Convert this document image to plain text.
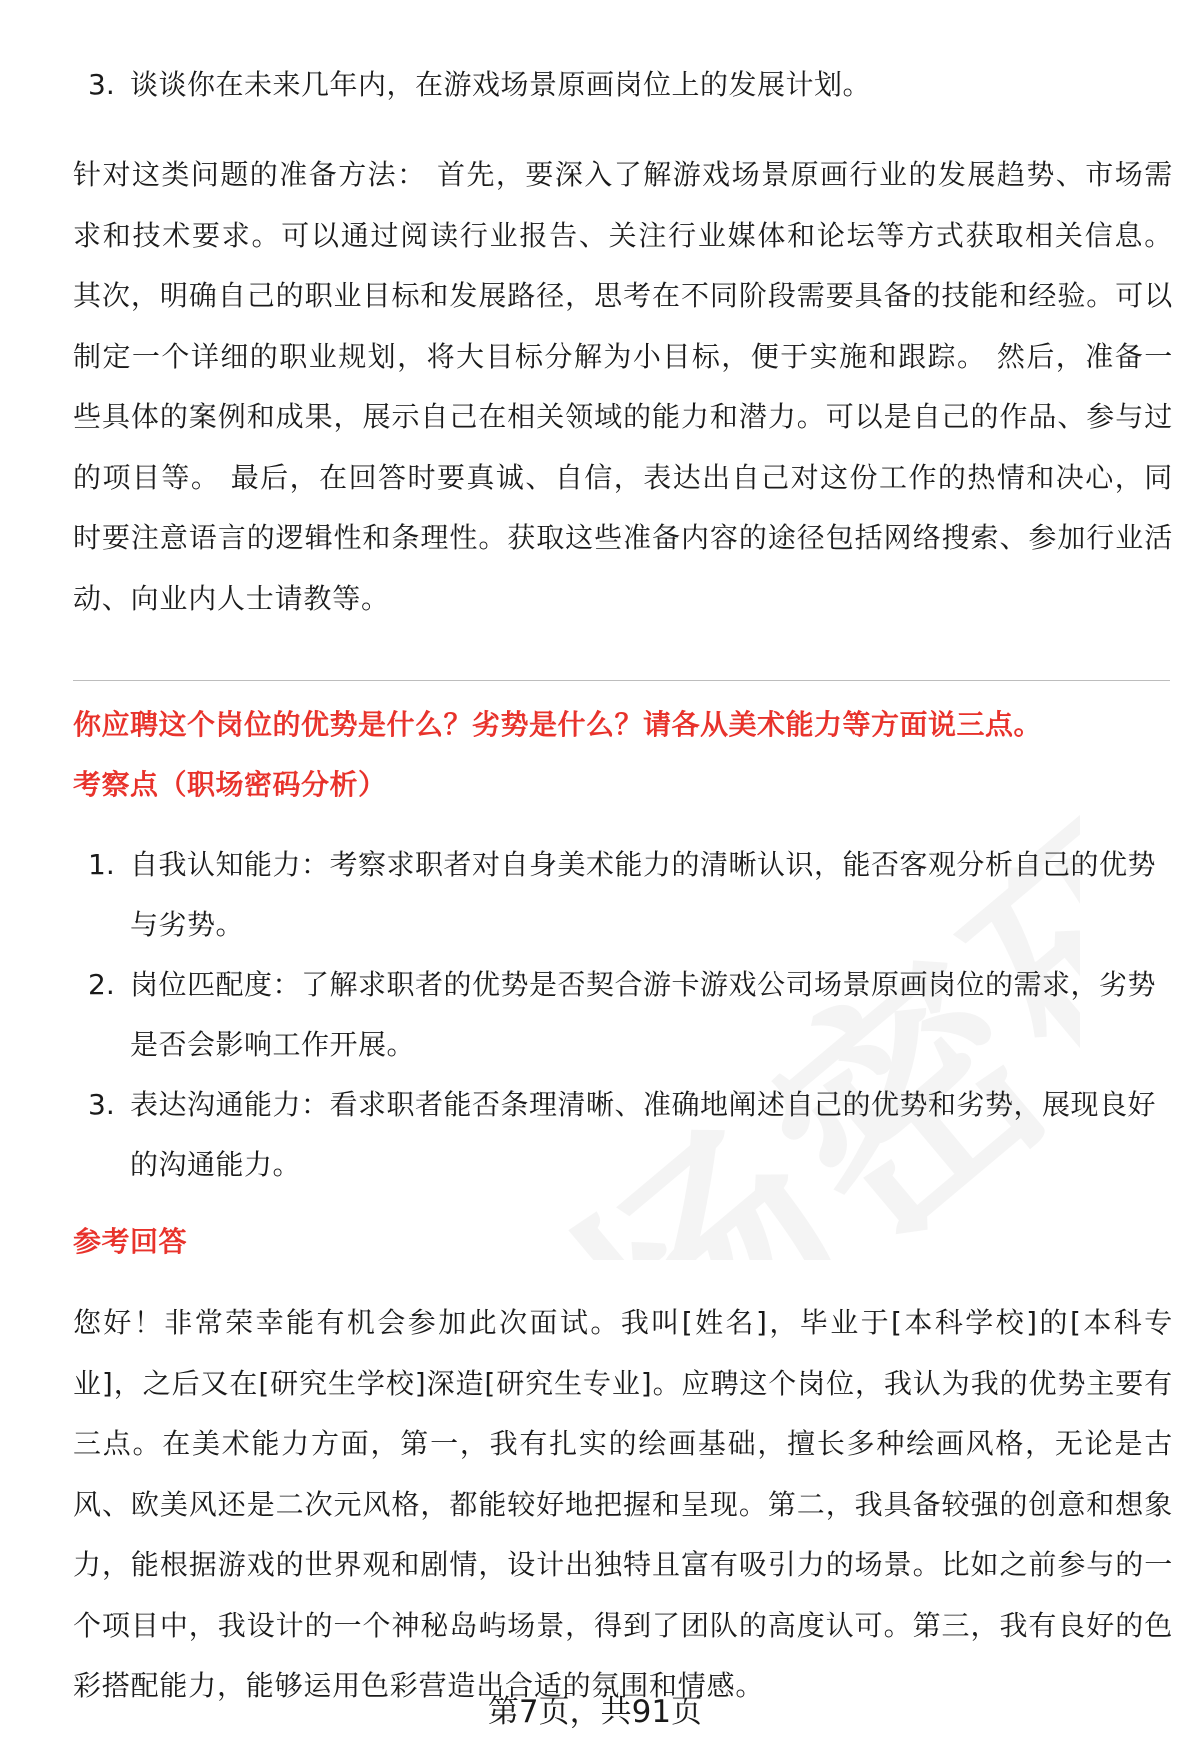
3. 谈谈你在未来几年内，在游戏场景原画岗位上的发展计划。
针对这类问题的准备方法： 首先，要深入了解游戏场景原画行业的发展趋势、市场需求和技术要求。可以通过阅读行业报告、关注行业媒体和论坛等方式获取相关信息。 其次，明确自己的职业目标和发展路径，思考在不同阶段需要具备的技能和经验。可以制定一个详细的职业规划，将大目标分解为小目标，便于实施和跟踪。 然后，准备一些具体的案例和成果，展示自己在相关领域的能力和潜力。可以是自己的作品、参与过的项目等。 最后，在回答时要真诚、自信，表达出自己对这份工作的热情和决心，同时要注意语言的逻辑性和条理性。获取这些准备内容的途径包括网络搜索、参加行业活动、向业内人士请教等。
你应聘这个岗位的优势是什么？劣势是什么？请各从美术能力等方面说三点。
考察点（职场密码分析）
1. 自我认知能力：考察求职者对自身美术能力的清晰认识，能否客观分析自己的优势与劣势。
2. 岗位匹配度：了解求职者的优势是否契合游卡游戏公司场景原画岗位的需求，劣势是否会影响工作开展。
3. 表达沟通能力：看求职者能否条理清晰、准确地阐述自己的优势和劣势，展现良好的沟通能力。
参考回答
您好！非常荣幸能有机会参加此次面试。我叫[姓名]，毕业于[本科学校]的[本科专业]，之后又在[研究生学校]深造[研究生专业]。应聘这个岗位，我认为我的优势主要有三点。在美术能力方面，第一，我有扎实的绘画基础，擅长多种绘画风格，无论是古风、欧美风还是二次元风格，都能较好地把握和呈现。第二，我具备较强的创意和想象力，能根据游戏的世界观和剧情，设计出独特且富有吸引力的场景。比如之前参与的一个项目中，我设计的一个神秘岛屿场景，得到了团队的高度认可。第三，我有良好的色彩搭配能力，能够运用色彩营造出合适的氛围和情感。
第7页，共91页
